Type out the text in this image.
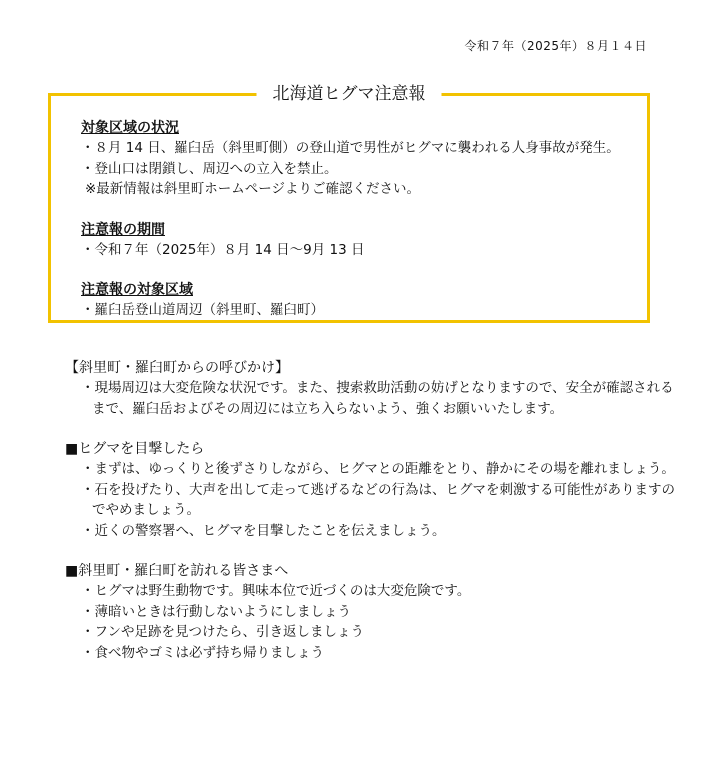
令和７年（2025年）８月１４日
北海道ヒグマ注意報

対象区域の状況

・８月 14 日、羅臼岳（斜里町側）の登山道で男性がヒグマに襲われる人身事故が発生。

・登山口は閉鎖し、周辺への立入を禁止。

※最新情報は斜里町ホームページよりご確認ください。

注意報の期間

・令和７年（2025年）８月 14 日～9月 13 日

注意報の対象区域

・羅臼岳登山道周辺（斜里町、羅臼町）

【斜里町・羅臼町からの呼びかけ】

・現場周辺は大変危険な状況です。また、捜索救助活動の妨げとなりますので、安全が確認されるまで、羅臼岳およびその周辺には立ち入らないよう、強くお願いいたします。

■ヒグマを目撃したら

・まずは、ゆっくりと後ずさりしながら、ヒグマとの距離をとり、静かにその場を離れましょう。

・石を投げたり、大声を出して走って逃げるなどの行為は、ヒグマを刺激する可能性がありますのでやめましょう。

・近くの警察署へ、ヒグマを目撃したことを伝えましょう。

■斜里町・羅臼町を訪れる皆さまへ

・ヒグマは野生動物です。興味本位で近づくのは大変危険です。

・薄暗いときは行動しないようにしましょう

・フンや足跡を見つけたら、引き返しましょう

・食べ物やゴミは必ず持ち帰りましょう
